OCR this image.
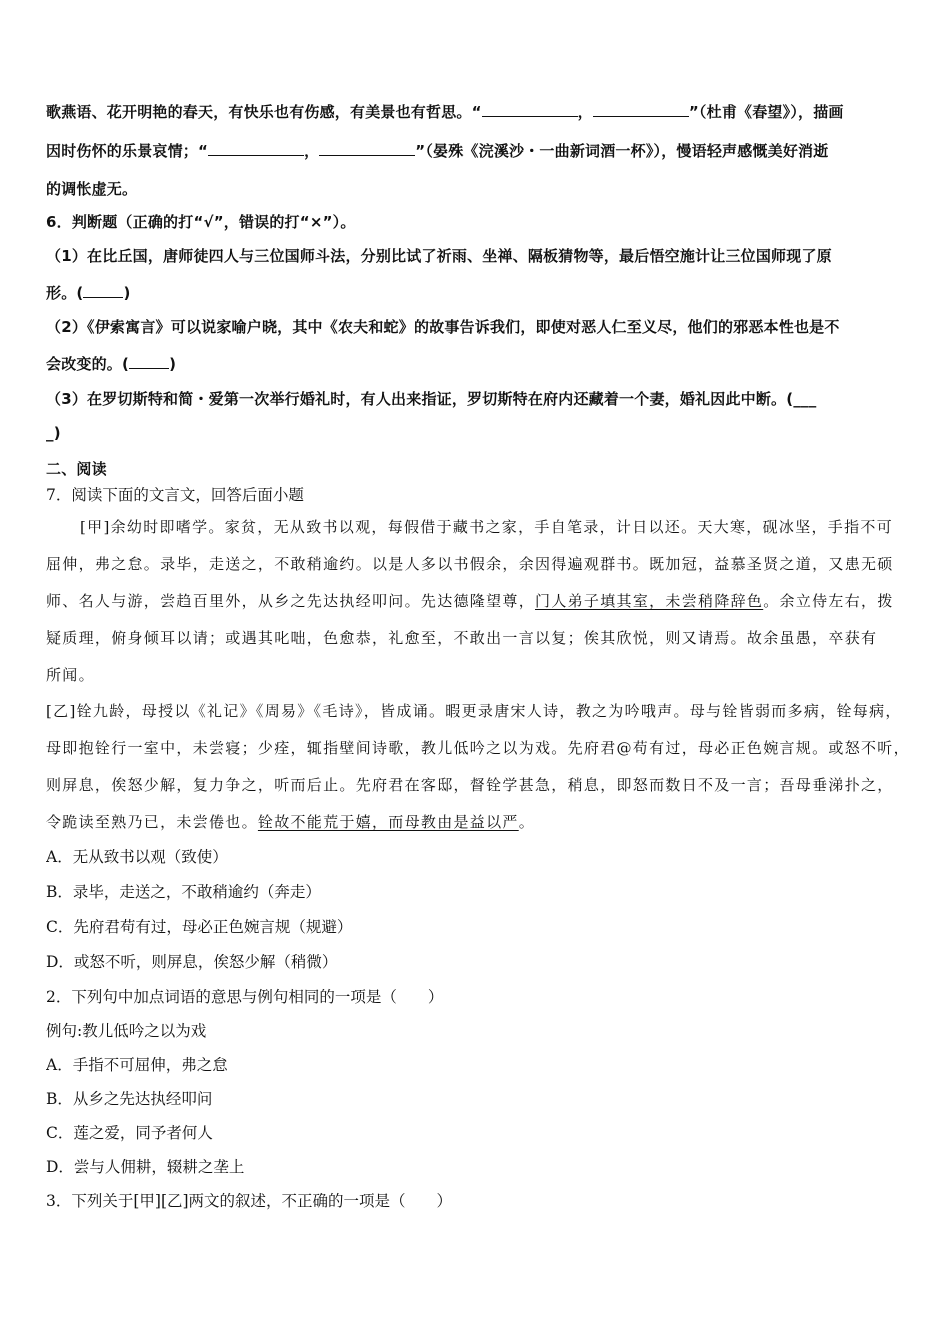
歌燕语、花开明艳的春天，有快乐也有伤感，有美景也有哲思。“	，	”（杜甫《春望》），描画
因时伤怀的乐景哀情；“	，	”（晏殊《浣溪沙・一曲新词酒一杯》），慢语轻声感慨美好消逝
的调怅虚无。
6．判断题（正确的打“√”，错误的打“×”）。
（1）在比丘国，唐师徒四人与三位国师斗法，分别比试了祈雨、坐禅、隔板猜物等，最后悟空施计让三位国师现了原
形。(	)
（2）《伊索寓言》可以说家喻户晓，其中《农夫和蛇》的故事告诉我们，即使对恶人仁至义尽，他们的邪恶本性也是不
会改变的。(	)
（3）在罗切斯特和简・爱第一次举行婚礼时，有人出来指证，罗切斯特在府内还藏着一个妻，婚礼因此中断。(___
_)
二、阅读
7．阅读下面的文言文，回答后面小题
[甲]余幼时即嗜学。家贫，无从致书以观，每假借于藏书之家，手自笔录，计日以还。天大寒，砚冰坚，手指不可
屈伸，弗之怠。录毕，走送之，不敢稍逾约。以是人多以书假余，余因得遍观群书。既加冠，益慕圣贤之道，又患无硕
师、名人与游，尝趋百里外，从乡之先达执经叩问。先达德隆望尊，门人弟子填其室，未尝稍降辞色。余立侍左右，拨
疑质理，俯身倾耳以请；或遇其叱咄，色愈恭，礼愈至，不敢出一言以复；俟其欣悦，则又请焉。故余虽愚，卒获有
所闻。
[乙]铨九龄，母授以《礼记》《周易》《毛诗》，皆成诵。暇更录唐宋人诗，教之为吟哦声。母与铨皆弱而多病，铨每病，
母即抱铨行一室中，未尝寝；少痊，辄指壁间诗歌，教儿低吟之以为戏。先府君@苟有过，母必正色婉言规。或怒不听，
则屏息，俟怒少解，复力争之，听而后止。先府君在客邸，督铨学甚急，稍息，即怒而数日不及一言；吾母垂涕扑之，
令跪读至熟乃已，未尝倦也。铨故不能荒于嬉，而母教由是益以严。
A．无从致书以观（致使）
B．录毕，走送之，不敢稍逾约（奔走）
C．先府君苟有过，母必正色婉言规（规避）
D．或怒不听，则屏息，俟怒少解（稍微）
2．下列句中加点词语的意思与例句相同的一项是（　　）
例句:教儿低吟之以为戏
A．手指不可屈伸，弗之怠
B．从乡之先达执经叩问
C．莲之爱，同予者何人
D．尝与人佣耕，辍耕之垄上
3．下列关于[甲][乙]两文的叙述，不正确的一项是（　　）
